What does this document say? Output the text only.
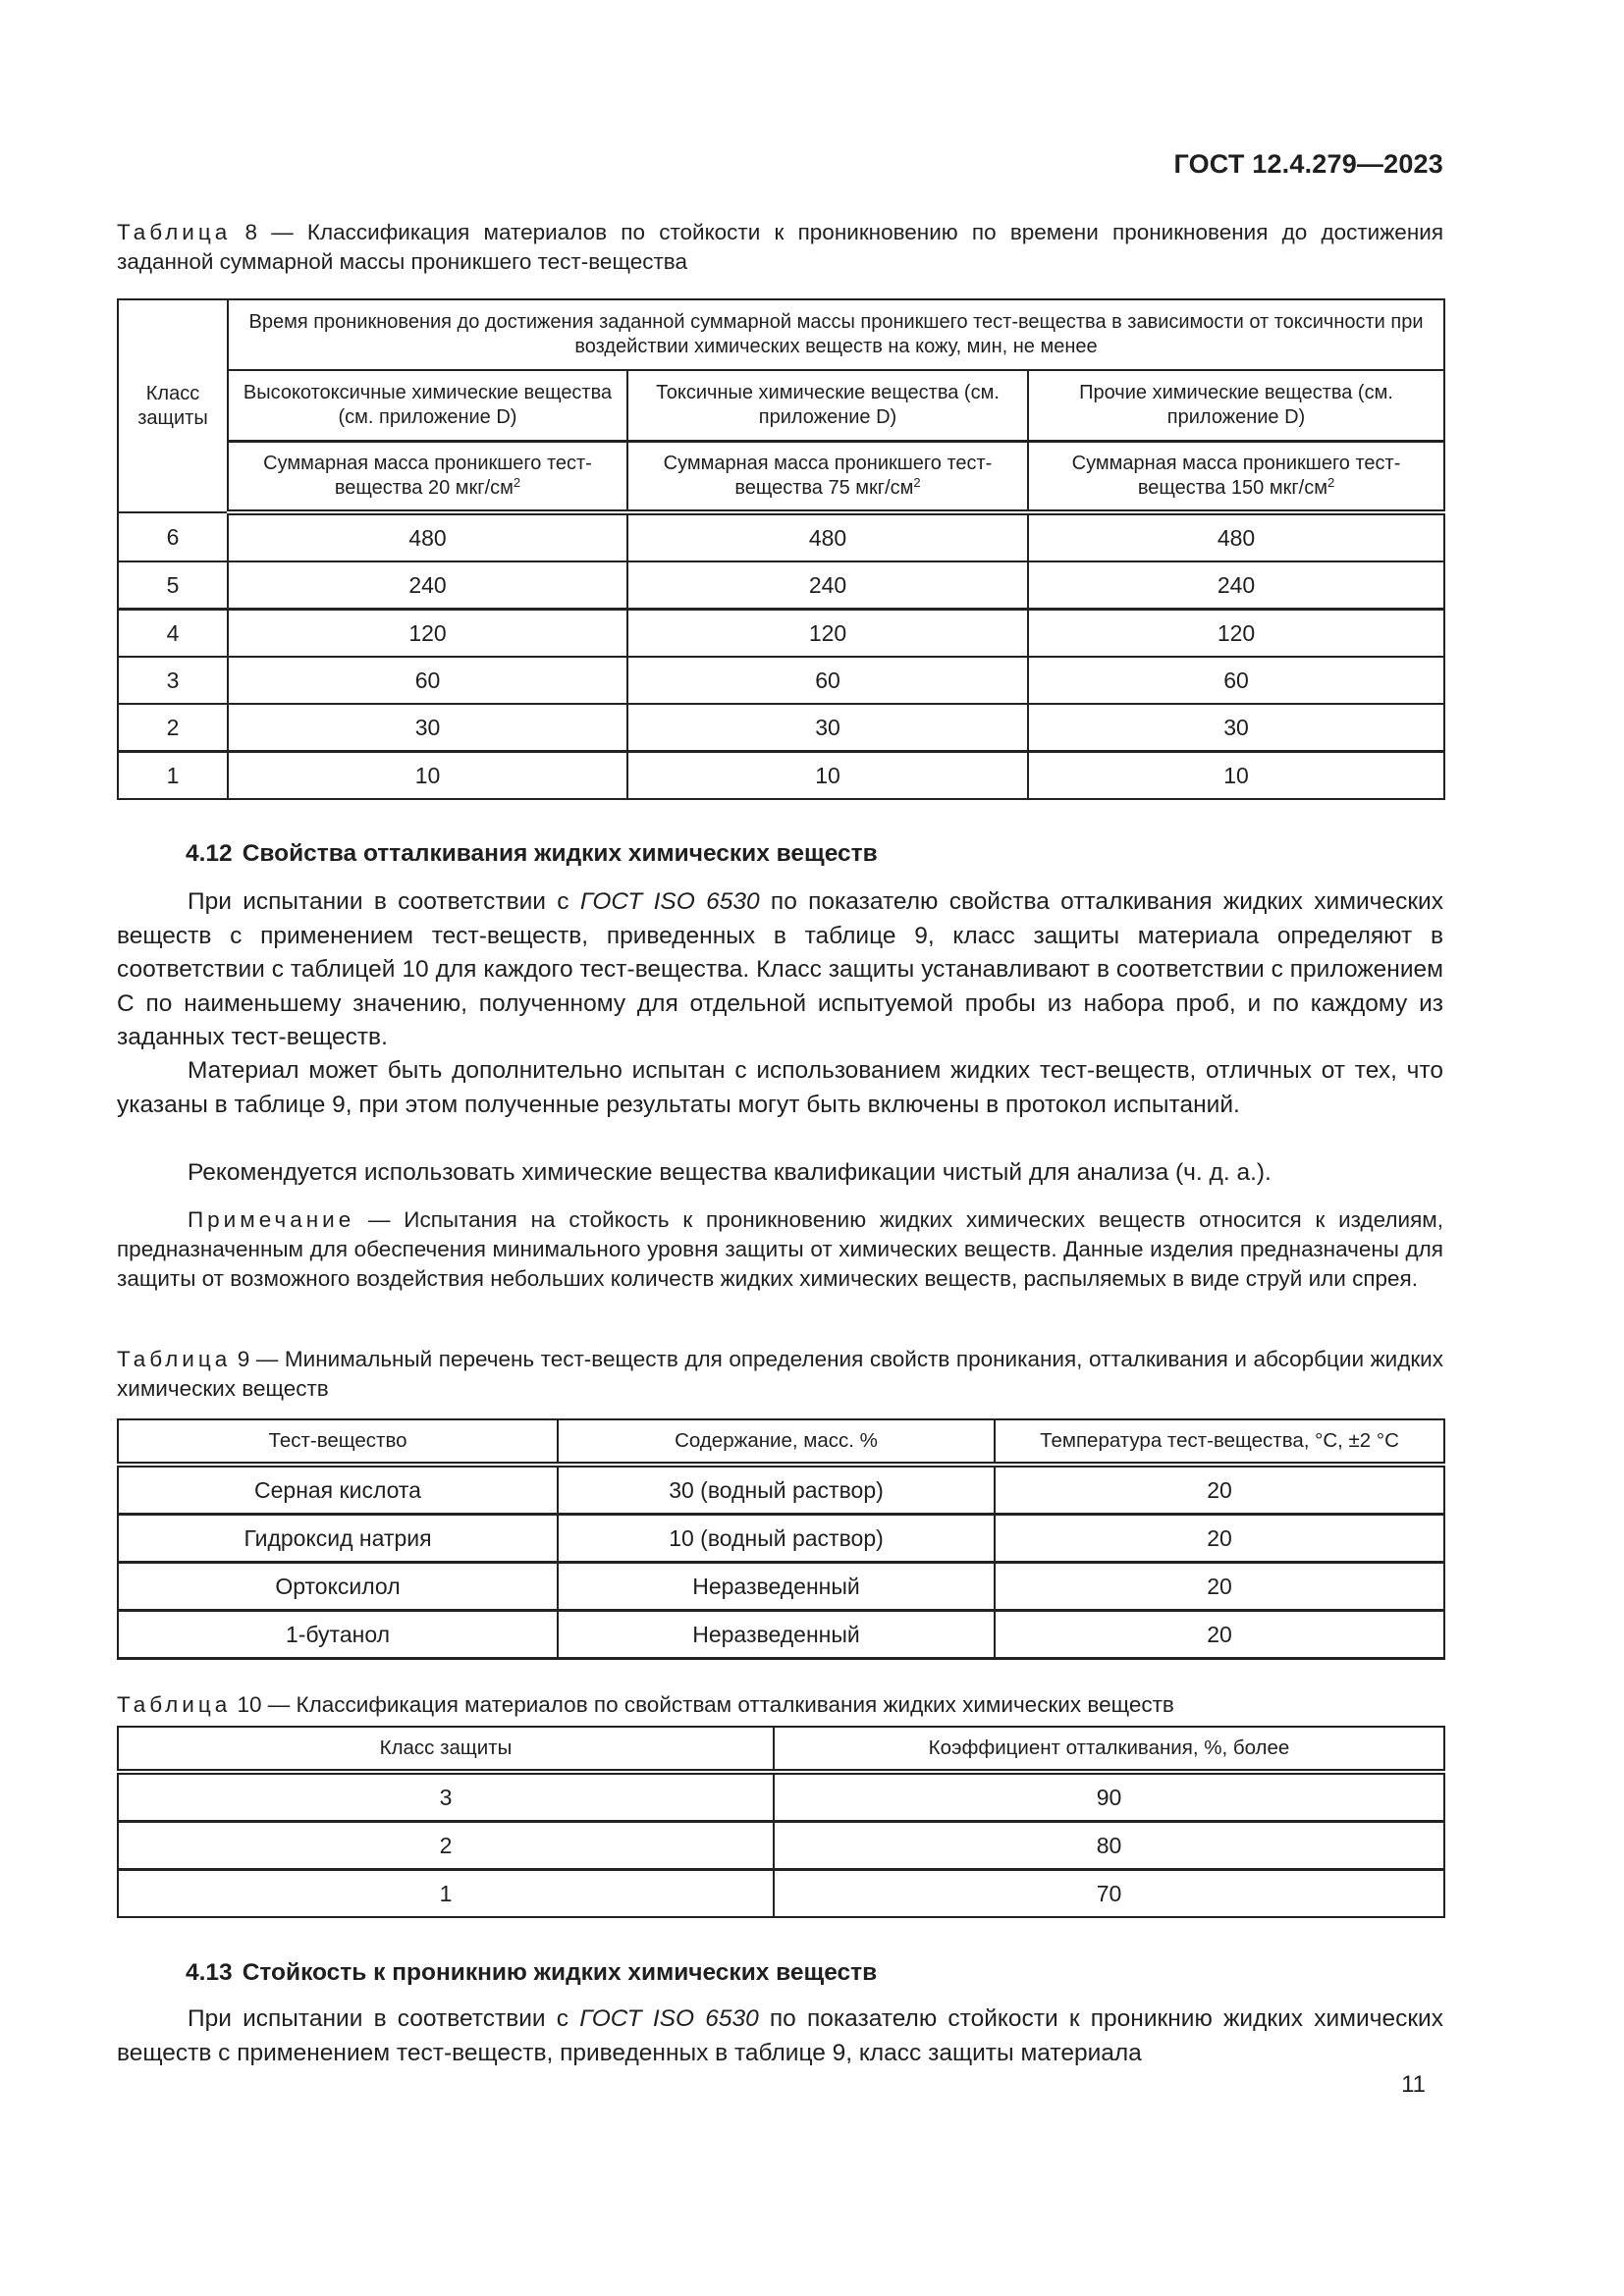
ГОСТ 12.4.279—2023
Таблица 8 — Классификация материалов по стойкости к проникновению по времени проникновения до достижения заданной суммарной массы проникшего тест-вещества
Класс защиты	Время проникновения до достижения заданной суммарной массы проникшего тест-вещества в зависимости от токсичности при воздействии химических веществ на кожу, мин, не менее		
	Высокотоксичные химические вещества (см. приложение D)	Токсичные химические вещества (см. приложение D)	Прочие химические вещества (см. приложение D)
	Суммарная масса проникшего тест-вещества 20 мкг/$см^2$	Суммарная масса проникшего тест-вещества 75 мкг/$см^2$	Суммарная масса проникшего тест-вещества 150 мкг/$см^2$
6	480	480	480
5	240	240	240
4	120	120	120
3	60	60	60
2	30	30	30
1	10	10	10
4.12 Свойства отталкивания жидких химических веществ
При испытании в соответствии с ГОСТ ISO 6530 по показателю свойства отталкивания жидких химических веществ с применением тест-веществ, приведенных в таблице 9, класс защиты материала определяют в соответствии с таблицей 10 для каждого тест-вещества. Класс защиты устанавливают в соответствии с приложением С по наименьшему значению, полученному для отдельной испытуемой пробы из набора проб, и по каждому из заданных тест-веществ.
Материал может быть дополнительно испытан с использованием жидких тест-веществ, отличных от тех, что указаны в таблице 9, при этом полученные результаты могут быть включены в протокол испытаний.
Рекомендуется использовать химические вещества квалификации чистый для анализа (ч. д. а.).
Примечание — Испытания на стойкость к проникновению жидких химических веществ относится к изделиям, предназначенным для обеспечения минимального уровня защиты от химических веществ. Данные изделия предназначены для защиты от возможного воздействия небольших количеств жидких химических веществ, распыляемых в виде струй или спрея.
Таблица 9 — Минимальный перечень тест-веществ для определения свойств проникания, отталкивания и абсорбции жидких химических веществ
Тест-вещество	Содержание, масс. %	Температура тест-вещества, °С, ±2 °С
Серная кислота	30 (водный раствор)	20
Гидроксид натрия	10 (водный раствор)	20
Ортоксилол	Неразведенный	20
1-бутанол	Неразведенный	20
Таблица 10 — Классификация материалов по свойствам отталкивания жидких химических веществ
Класс защиты	Коэффициент отталкивания, %, более
3	90
2	80
1	70
4.13 Стойкость к проникнию жидких химических веществ
При испытании в соответствии с ГОСТ ISO 6530 по показателю стойкости к проникнию жидких химических веществ с применением тест-веществ, приведенных в таблице 9, класс защиты материала
11
